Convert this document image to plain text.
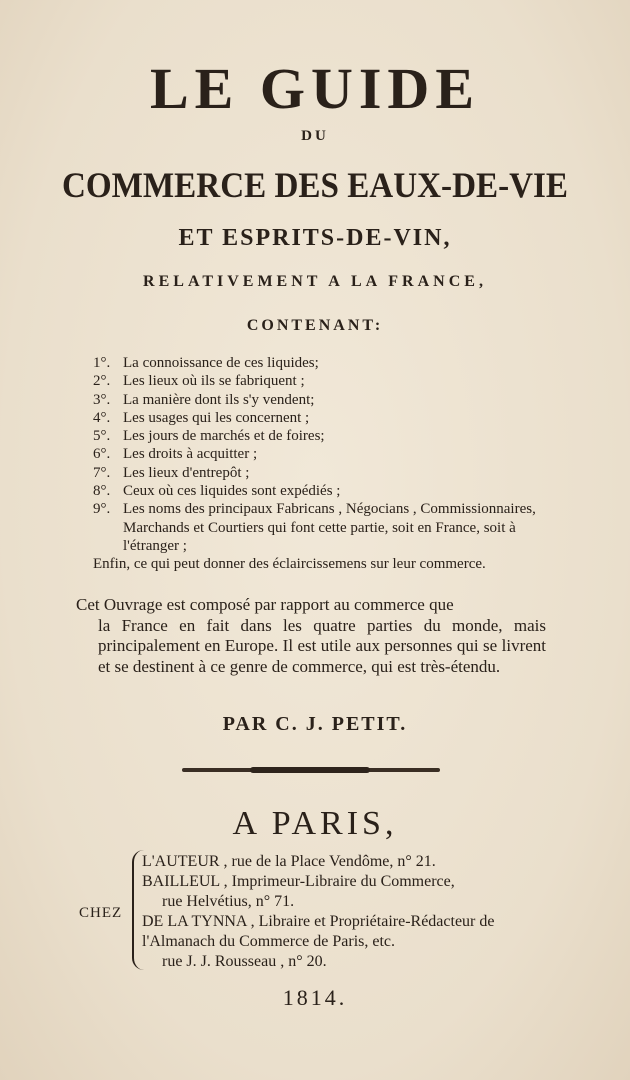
LE GUIDE
DU
COMMERCE DES EAUX-DE-VIE
ET ESPRITS-DE-VIN,
RELATIVEMENT A LA FRANCE,
CONTENANT:
1°. La connoissance de ces liquides;
2°. Les lieux où ils se fabriquent ;
3°. La manière dont ils s'y vendent;
4°. Les usages qui les concernent ;
5°. Les jours de marchés et de foires;
6°. Les droits à acquitter ;
7°. Les lieux d'entrepôt ;
8°. Ceux où ces liquides sont expédiés ;
9°. Les noms des principaux Fabricans , Négocians , Commissionnaires, Marchands et Courtiers qui font cette partie, soit en France, soit à l'étranger ;
Enfin, ce qui peut donner des éclaircissemens sur leur commerce.
Cet Ouvrage est composé par rapport au commerce que
la France en fait dans les quatre parties du monde, mais principalement en Europe. Il est utile aux personnes qui se livrent et se destinent à ce genre de commerce, qui est très-étendu.
PAR C. J. PETIT.
A PARIS,
CHEZ
L'AUTEUR , rue de la Place Vendôme, n° 21.
BAILLEUL , Imprimeur-Libraire du Commerce,
rue Helvétius, n° 71.
DE LA TYNNA , Libraire et Propriétaire-Rédacteur de l'Almanach du Commerce de Paris, etc.
rue J. J. Rousseau , n° 20.
1814.
